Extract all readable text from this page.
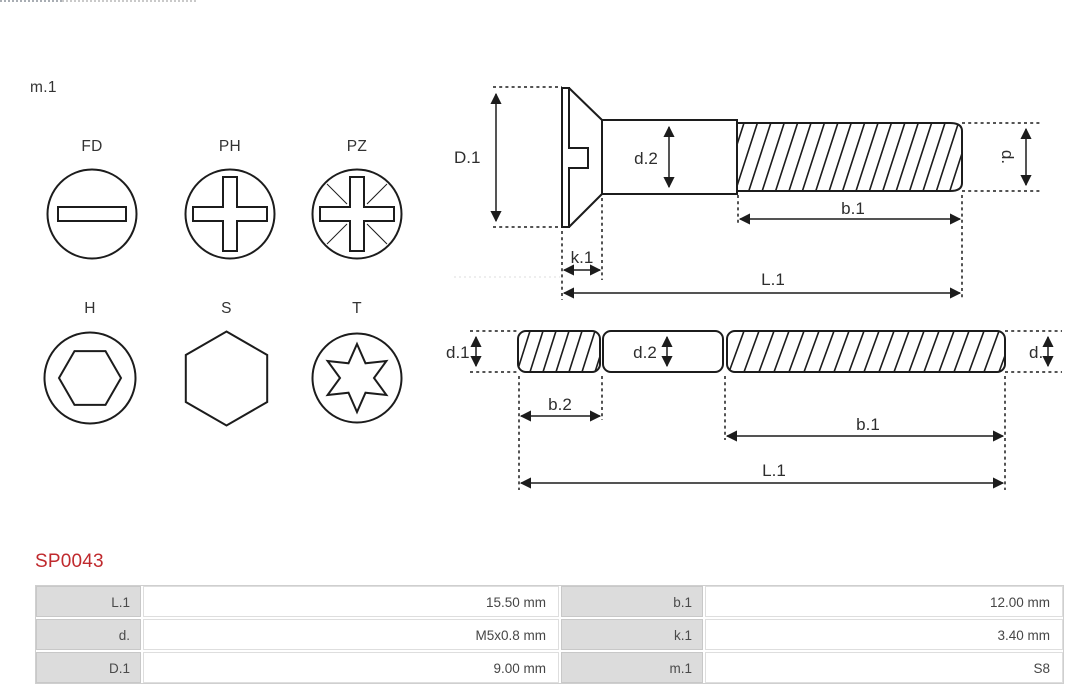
m.1
FD	PH	PZ
H	S	T
D.1	d.2	d.
b.1
k.1
L.1
d.1	d.2	d.
b.2
b.1
L.1
SP0043
L.1	15.50 mm	b.1	12.00 mm
d.	M5x0.8 mm	k.1	3.40 mm
D.1	9.00 mm	m.1	S8
